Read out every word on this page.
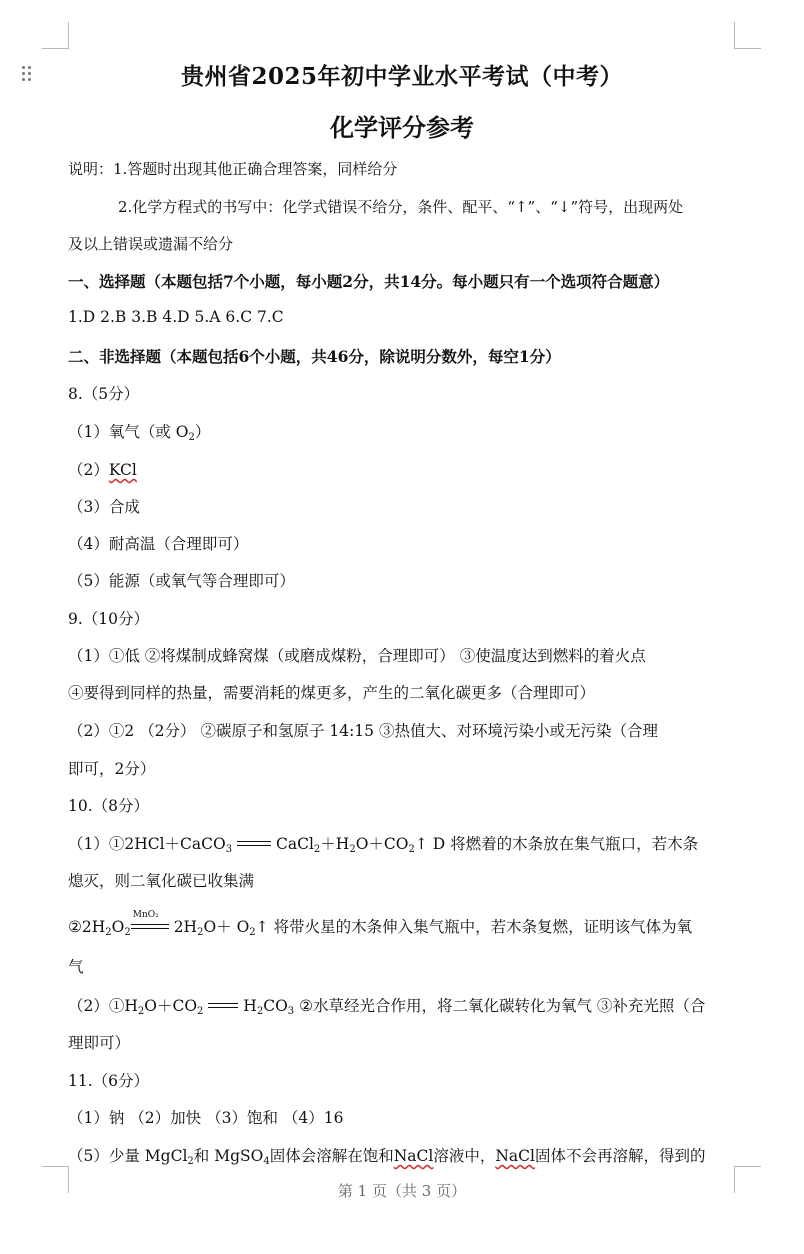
贵州省2025年初中学业水平考试（中考）
化学评分参考
说明：1.答题时出现其他正确合理答案，同样给分
2.化学方程式的书写中：化学式错误不给分，条件、配平、“↑”、“↓”符号，出现两处
及以上错误或遗漏不给分
一、选择题（本题包括7个小题，每小题2分，共14分。每小题只有一个选项符合题意）
1.D 2.B 3.B 4.D 5.A 6.C 7.C
二、非选择题（本题包括6个小题，共46分，除说明分数外，每空1分）
8.（5分）
（1）氧气（或 $O_2$）
（2）KCl
（3）合成
（4）耐高温（合理即可）
（5）能源（或氧气等合理即可）
9.（10分）
（1）①低 ②将煤制成蜂窝煤（或磨成煤粉，合理即可） ③使温度达到燃料的着火点
④要得到同样的热量，需要消耗的煤更多，产生的二氧化碳更多（合理即可）
（2）①2 （2分） ②碳原子和氢原子 14:15 ③热值大、对环境污染小或无污染（合理
即可，2分）
10.（8分）
（1）①2HCl＋CaCO$_3$	$CaCl_2+H_2O+CO_2↑$ D 将燃着的木条放在集气瓶口，若木条
熄灭，则二氧化碳已收集满
$②2H_2O_2$
MnO₂
$2H_2O+$ $O_2↑$ 将带火星的木条伸入集气瓶中，若木条复燃，证明该气体为氧
气
$(2)①H_2O+CO_2$	$H_2CO_3$ ②水草经光合作用，将二氧化碳转化为氧气 ③补充光照（合
理即可）
11.（6分）
（1）钠 （2）加快 （3）饱和 （4）16
（5）少量 MgCl$_2$和 MgSO$_4$固体会溶解在饱和NaCl溶液中，NaCl固体不会再溶解，得到的
第 1 页（共 3 页）
